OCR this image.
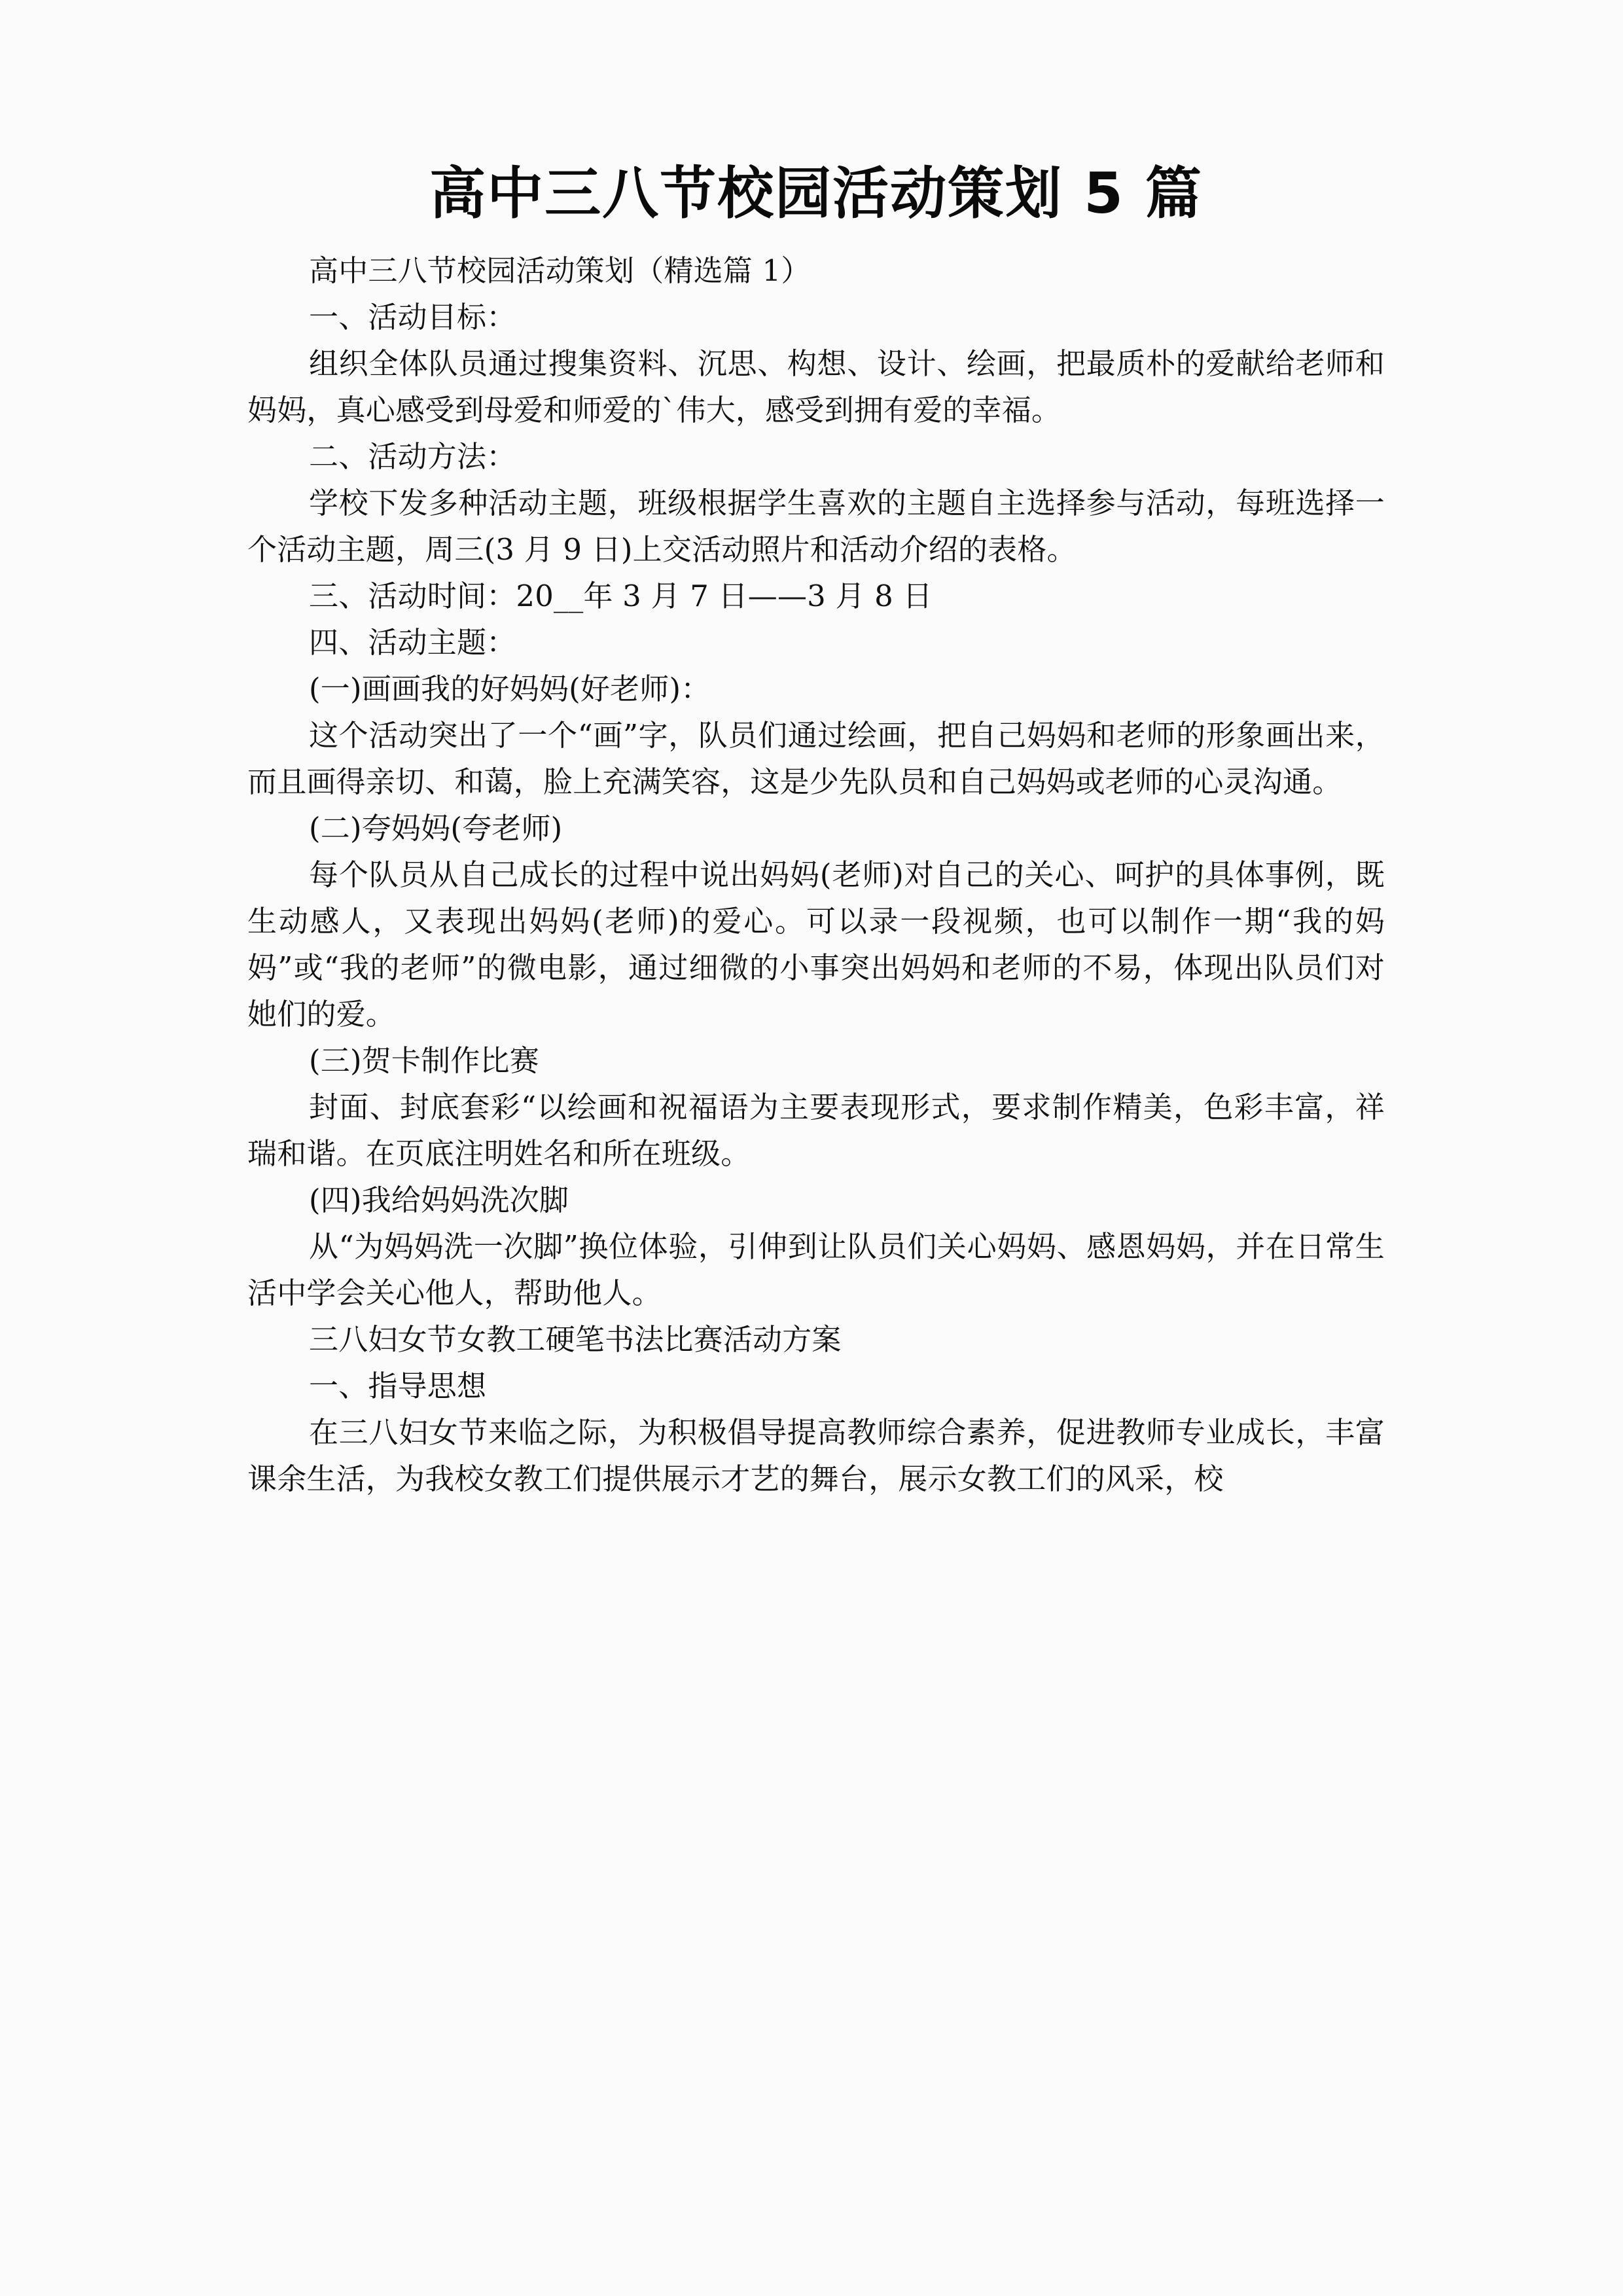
高中三八节校园活动策划 5 篇

高中三八节校园活动策划（精选篇 1）

一、活动目标：

组织全体队员通过搜集资料、沉思、构想、设计、绘画，把最质朴的爱献给老师和妈妈，真心感受到母爱和师爱的`伟大，感受到拥有爱的幸福。

二、活动方法：

学校下发多种活动主题，班级根据学生喜欢的主题自主选择参与活动，每班选择一个活动主题，周三(3 月 9 日)上交活动照片和活动介绍的表格。

三、活动时间：20__年 3 月 7 日——3 月 8 日

四、活动主题：

(一)画画我的好妈妈(好老师)：

这个活动突出了一个“画”字，队员们通过绘画，把自己妈妈和老师的形象画出来，而且画得亲切、和蔼，脸上充满笑容，这是少先队员和自己妈妈或老师的心灵沟通。

(二)夸妈妈(夸老师)

每个队员从自己成长的过程中说出妈妈(老师)对自己的关心、呵护的具体事例，既生动感人，又表现出妈妈(老师)的爱心。可以录一段视频，也可以制作一期“我的妈妈”或“我的老师”的微电影，通过细微的小事突出妈妈和老师的不易，体现出队员们对她们的爱。

(三)贺卡制作比赛

封面、封底套彩“以绘画和祝福语为主要表现形式，要求制作精美，色彩丰富，祥瑞和谐。在页底注明姓名和所在班级。

(四)我给妈妈洗次脚

从“为妈妈洗一次脚”换位体验，引伸到让队员们关心妈妈、感恩妈妈，并在日常生活中学会关心他人，帮助他人。

三八妇女节女教工硬笔书法比赛活动方案

一、指导思想

在三八妇女节来临之际，为积极倡导提高教师综合素养，促进教师专业成长，丰富课余生活，为我校女教工们提供展示才艺的舞台，展示女教工们的风采，校
